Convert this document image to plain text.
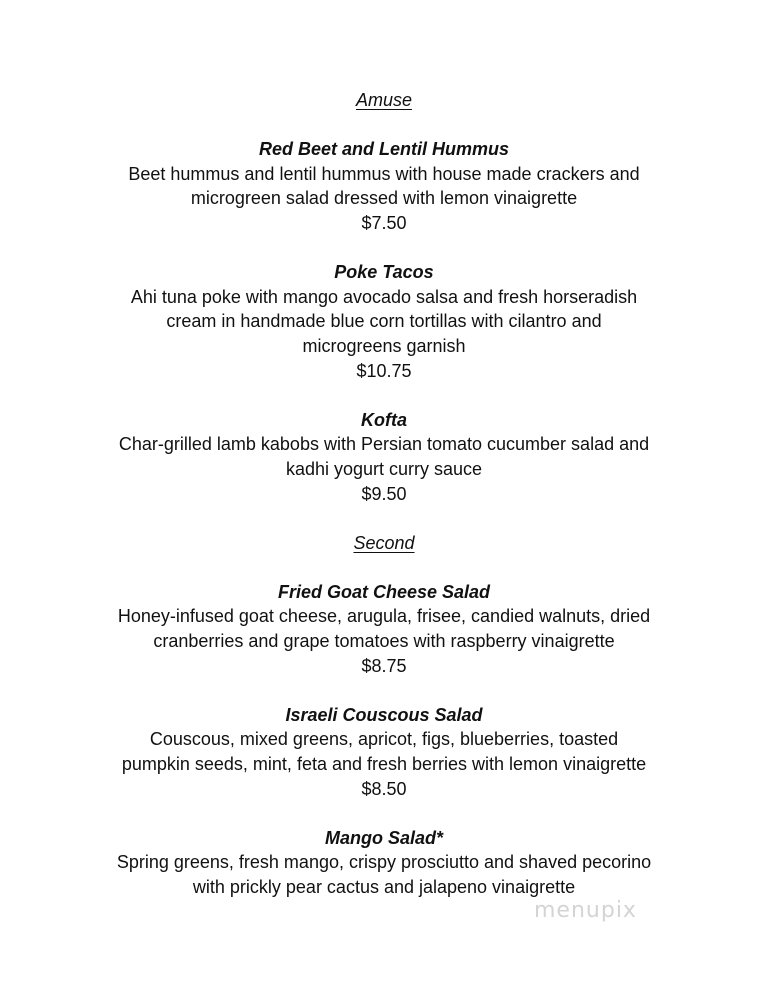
Amuse

Red Beet and Lentil Hummus
Beet hummus and lentil hummus with house made crackers and
microgreen salad dressed with lemon vinaigrette
$7.50
Poke Tacos
Ahi tuna poke with mango avocado salsa and fresh horseradish
cream in handmade blue corn tortillas with cilantro and
microgreens garnish
$10.75
Kofta
Char-grilled lamb kabobs with Persian tomato cucumber salad and
kadhi yogurt curry sauce
$9.50

Second

Fried Goat Cheese Salad
Honey-infused goat cheese, arugula, frisee, candied walnuts, dried
cranberries and grape tomatoes with raspberry vinaigrette
$8.75
Israeli Couscous Salad
Couscous, mixed greens, apricot, figs, blueberries, toasted
pumpkin seeds, mint, feta and fresh berries with lemon vinaigrette
$8.50
Mango Salad*
Spring greens, fresh mango, crispy prosciutto and shaved pecorino
with prickly pear cactus and jalapeno vinaigrette
menupix
